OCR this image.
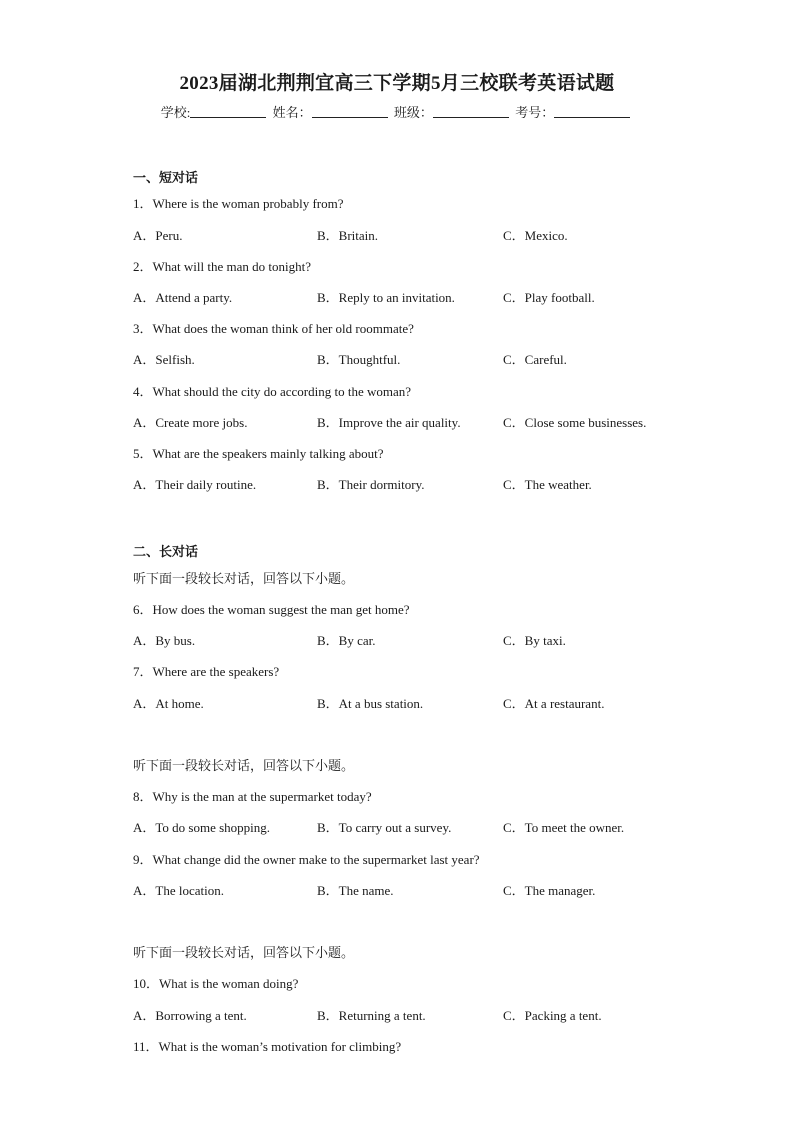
2023届湖北荆荆宜高三下学期5月三校联考英语试题
学校:	姓名：	班级：	考号：
一、短对话
1．Where is the woman probably from?
A．Peru.	B．Britain.	C．Mexico.
2．What will the man do tonight?
A．Attend a party.	B．Reply to an invitation.	C．Play football.
3．What does the woman think of her old roommate?
A．Selfish.	B．Thoughtful.	C．Careful.
4．What should the city do according to the woman?
A．Create more jobs.	B．Improve the air quality.	C．Close some businesses.
5．What are the speakers mainly talking about?
A．Their daily routine.	B．Their dormitory.	C．The weather.
二、长对话
听下面一段较长对话，回答以下小题。
6．How does the woman suggest the man get home?
A．By bus.	B．By car.	C．By taxi.
7．Where are the speakers?
A．At home.	B．At a bus station.	C．At a restaurant.
听下面一段较长对话，回答以下小题。
8．Why is the man at the supermarket today?
A．To do some shopping.	B．To carry out a survey.	C．To meet the owner.
9．What change did the owner make to the supermarket last year?
A．The location.	B．The name.	C．The manager.
听下面一段较长对话，回答以下小题。
10．What is the woman doing?
A．Borrowing a tent.	B．Returning a tent.	C．Packing a tent.
11．What is the woman’s motivation for climbing?
